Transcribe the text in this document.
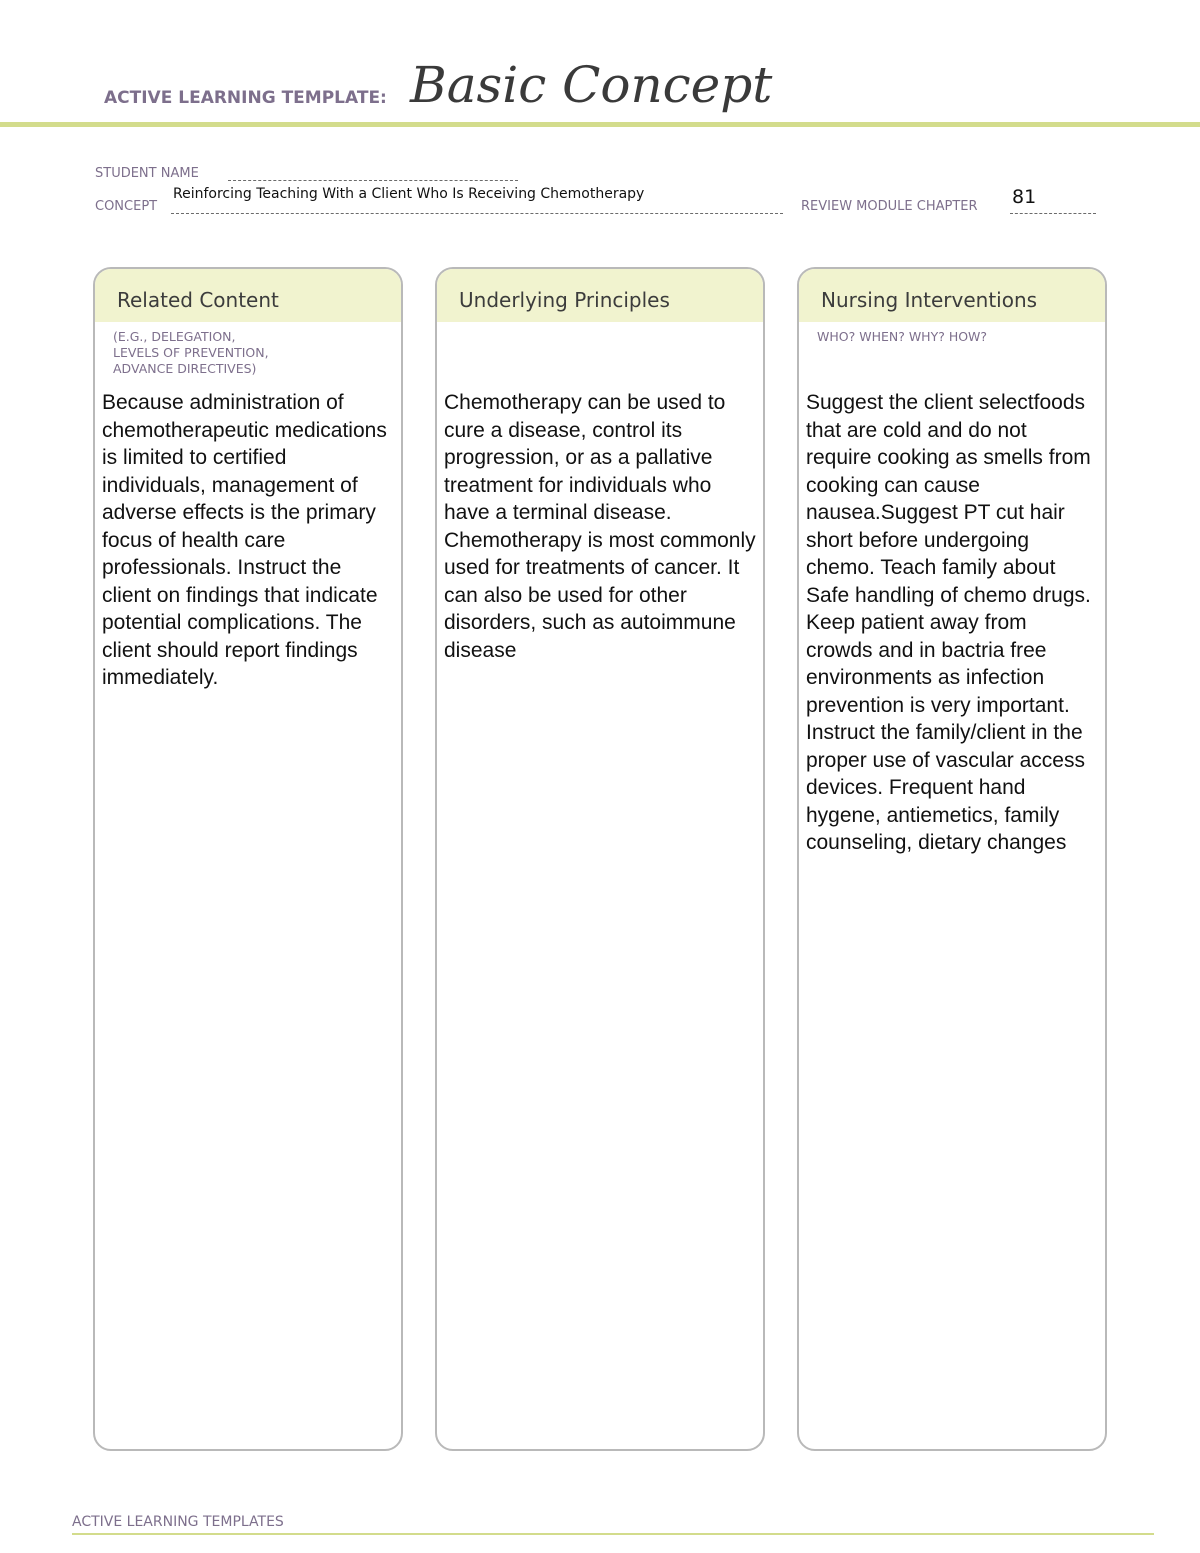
ACTIVE LEARNING TEMPLATE: Basic Concept
STUDENT NAME
CONCEPT
Reinforcing Teaching With a Client Who Is Receiving Chemotherapy
REVIEW MODULE CHAPTER 81
Related Content
(E.G., DELEGATION,
LEVELS OF PREVENTION,
ADVANCE DIRECTIVES)
Because administration of chemotherapeutic medications is limited to certified individuals, management of adverse effects is the primary focus of health care professionals. Instruct the client on findings that indicate potential complications. The client should report findings immediately.
Underlying Principles
Chemotherapy can be used to cure a disease, control its progression, or as a pallative treatment for individuals who have a terminal disease. Chemotherapy is most commonly used for treatments of cancer. It can also be used for other disorders, such as autoimmune disease
Nursing Interventions
WHO? WHEN? WHY? HOW?
Suggest the client selectfoods that are cold and do not require cooking as smells from cooking can cause nausea.Suggest PT cut hair short before undergoing chemo. Teach family about Safe handling of chemo drugs. Keep patient away from crowds and in bactria free environments as infection prevention is very important. Instruct the family/client in the proper use of vascular access devices. Frequent hand hygene, antiemetics, family counseling, dietary changes
ACTIVE LEARNING TEMPLATES
